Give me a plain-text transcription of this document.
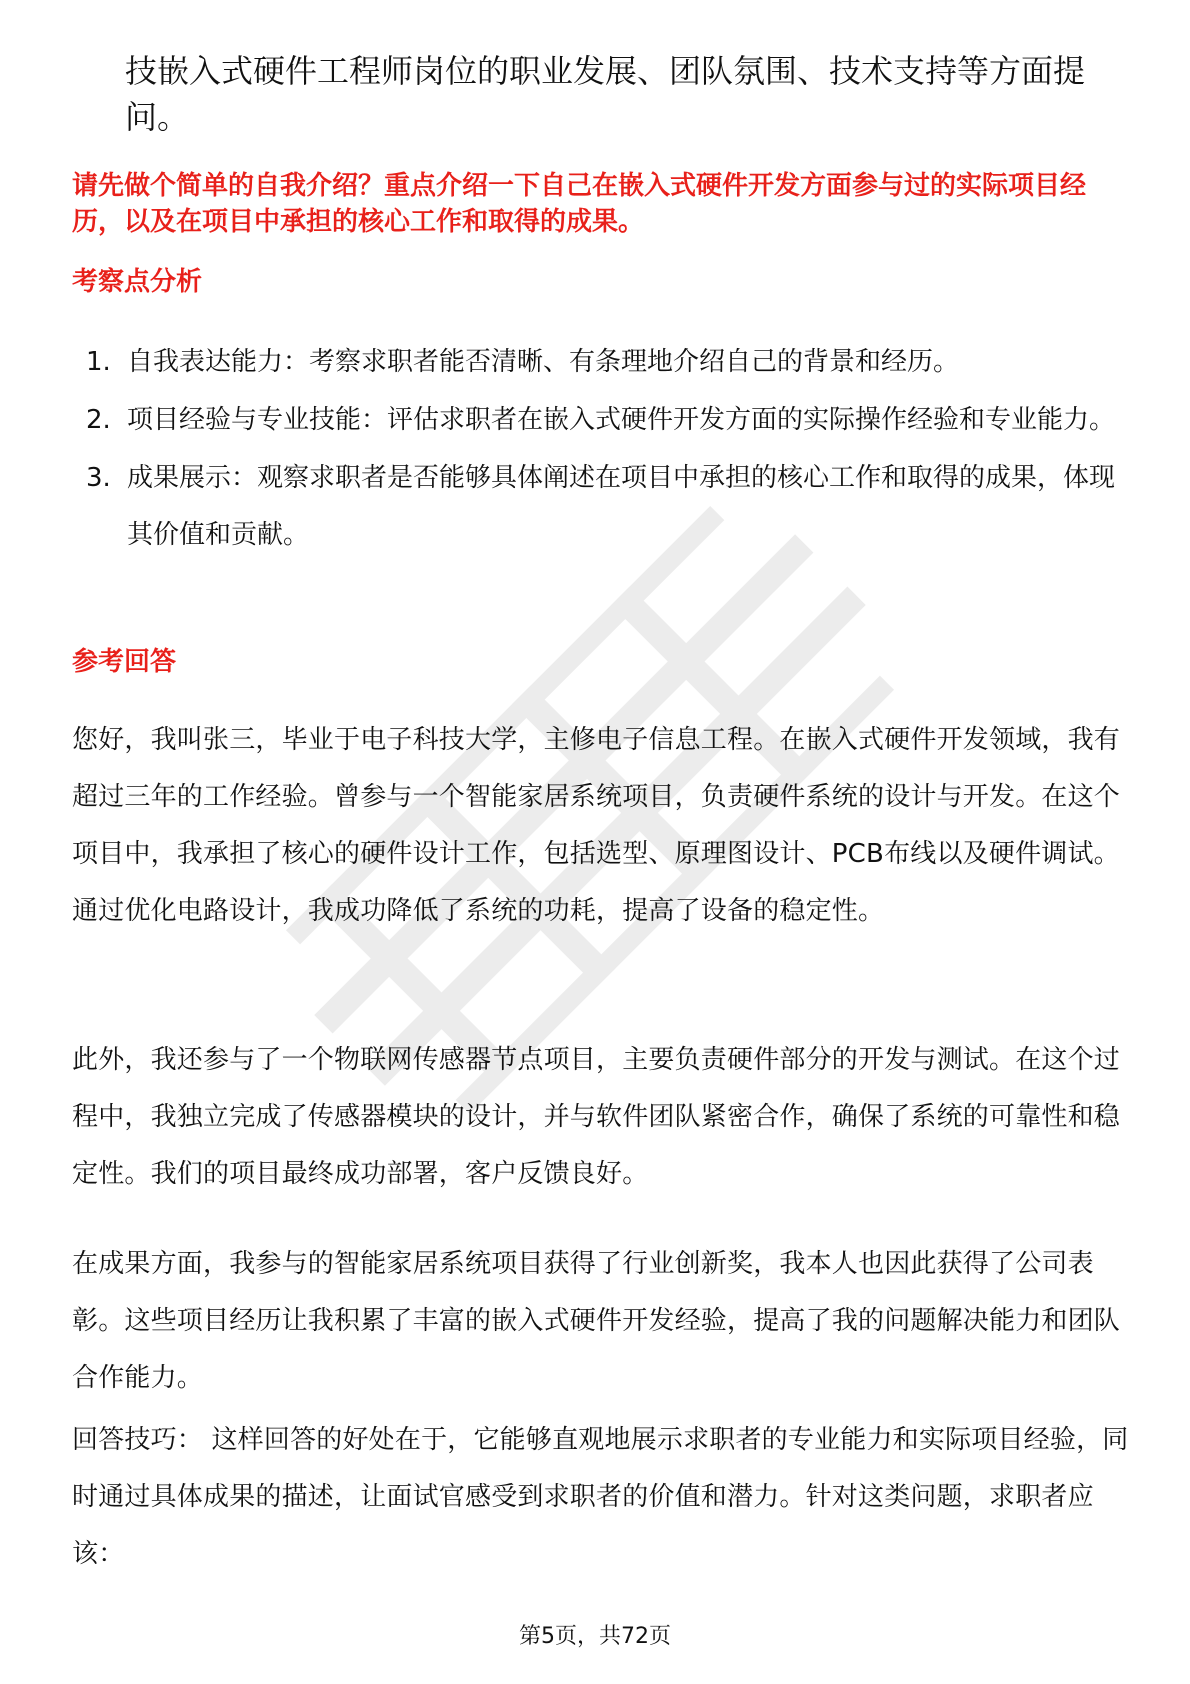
技嵌入式硬件工程师岗位的职业发展、团队氛围、技术支持等方面提问。

请先做个简单的自我介绍？重点介绍一下自己在嵌入式硬件开发方面参与过的实际项目经历，以及在项目中承担的核心工作和取得的成果。

考察点分析
1. 自我表达能力：考察求职者能否清晰、有条理地介绍自己的背景和经历。
2. 项目经验与专业技能：评估求职者在嵌入式硬件开发方面的实际操作经验和专业能力。
3. 成果展示：观察求职者是否能够具体阐述在项目中承担的核心工作和取得的成果，体现其价值和贡献。
参考回答

您好，我叫张三，毕业于电子科技大学，主修电子信息工程。在嵌入式硬件开发领域，我有超过三年的工作经验。曾参与一个智能家居系统项目，负责硬件系统的设计与开发。在这个项目中，我承担了核心的硬件设计工作，包括选型、原理图设计、PCB布线以及硬件调试。通过优化电路设计，我成功降低了系统的功耗，提高了设备的稳定性。

此外，我还参与了一个物联网传感器节点项目，主要负责硬件部分的开发与测试。在这个过程中，我独立完成了传感器模块的设计，并与软件团队紧密合作，确保了系统的可靠性和稳定性。我们的项目最终成功部署，客户反馈良好。

在成果方面，我参与的智能家居系统项目获得了行业创新奖，我本人也因此获得了公司表彰。这些项目经历让我积累了丰富的嵌入式硬件开发经验，提高了我的问题解决能力和团队合作能力。

回答技巧： 这样回答的好处在于，它能够直观地展示求职者的专业能力和实际项目经验，同时通过具体成果的描述，让面试官感受到求职者的价值和潜力。针对这类问题，求职者应该：

第5页，共72页
